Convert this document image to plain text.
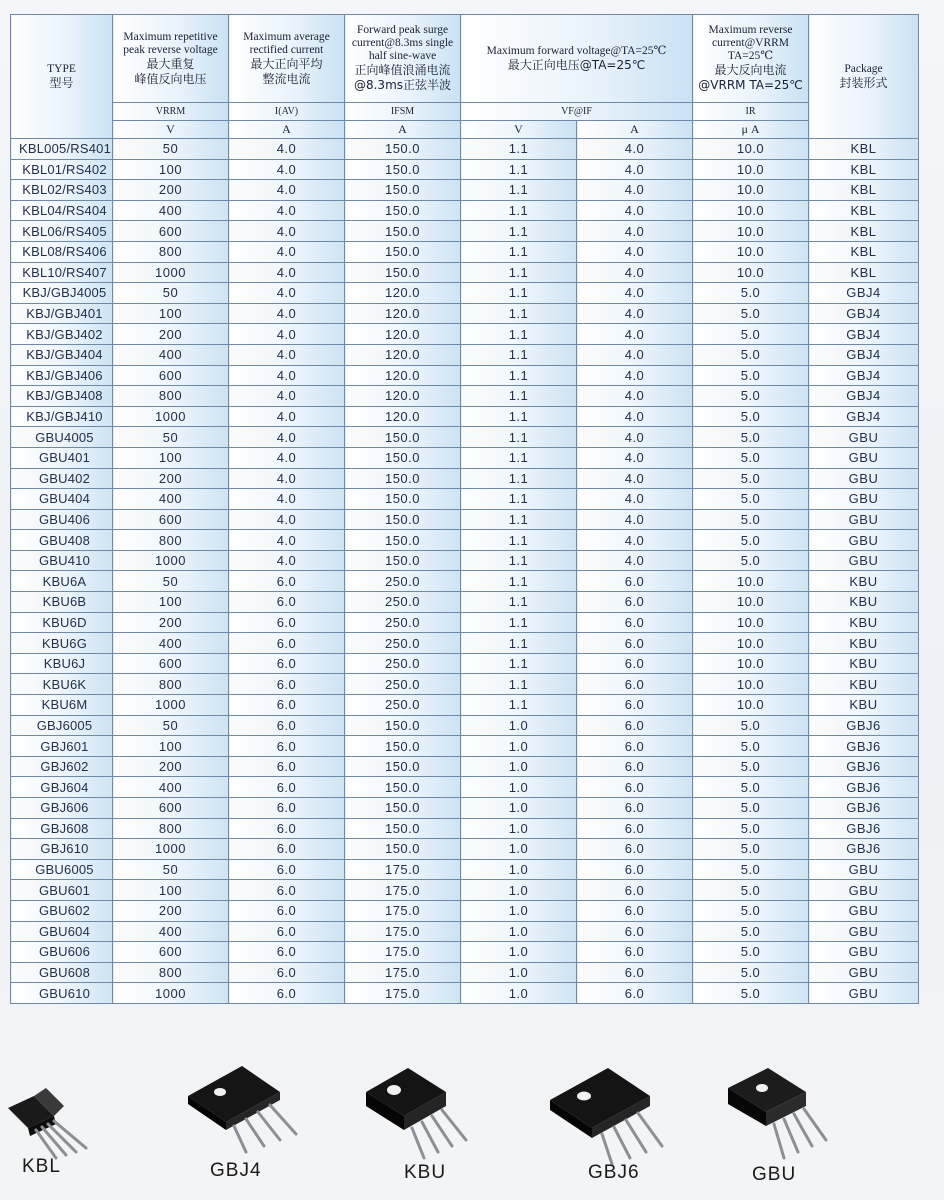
TYPE
型号	Maximum repetitive
peak reverse voltage
最大重复
峰值反向电压	Maximum average
rectified current
最大正向平均
整流电流	Forward peak surge
current@8.3ms single
half sine-wave
正向峰值浪涌电流
@8.3ms正弦半波	Maximum forward voltage@TA=25℃
最大正向电压@TA=25℃		Maximum reverse
current@VRRM
TA=25℃
最大反向电流
@VRRM TA=25℃	Package
封装形式

	VRRM	I(AV)	IFSM	VF@IF		IR	
	V	A	A	V	A	μ A	
KBL005/RS401	50	4.0	150.0	1.1	4.0	10.0	KBL
KBL01/RS402	100	4.0	150.0	1.1	4.0	10.0	KBL
KBL02/RS403	200	4.0	150.0	1.1	4.0	10.0	KBL
KBL04/RS404	400	4.0	150.0	1.1	4.0	10.0	KBL
KBL06/RS405	600	4.0	150.0	1.1	4.0	10.0	KBL
KBL08/RS406	800	4.0	150.0	1.1	4.0	10.0	KBL
KBL10/RS407	1000	4.0	150.0	1.1	4.0	10.0	KBL
KBJ/GBJ4005	50	4.0	120.0	1.1	4.0	5.0	GBJ4
KBJ/GBJ401	100	4.0	120.0	1.1	4.0	5.0	GBJ4
KBJ/GBJ402	200	4.0	120.0	1.1	4.0	5.0	GBJ4
KBJ/GBJ404	400	4.0	120.0	1.1	4.0	5.0	GBJ4
KBJ/GBJ406	600	4.0	120.0	1.1	4.0	5.0	GBJ4
KBJ/GBJ408	800	4.0	120.0	1.1	4.0	5.0	GBJ4
KBJ/GBJ410	1000	4.0	120.0	1.1	4.0	5.0	GBJ4
GBU4005	50	4.0	150.0	1.1	4.0	5.0	GBU
GBU401	100	4.0	150.0	1.1	4.0	5.0	GBU
GBU402	200	4.0	150.0	1.1	4.0	5.0	GBU
GBU404	400	4.0	150.0	1.1	4.0	5.0	GBU
GBU406	600	4.0	150.0	1.1	4.0	5.0	GBU
GBU408	800	4.0	150.0	1.1	4.0	5.0	GBU
GBU410	1000	4.0	150.0	1.1	4.0	5.0	GBU
KBU6A	50	6.0	250.0	1.1	6.0	10.0	KBU
KBU6B	100	6.0	250.0	1.1	6.0	10.0	KBU
KBU6D	200	6.0	250.0	1.1	6.0	10.0	KBU
KBU6G	400	6.0	250.0	1.1	6.0	10.0	KBU
KBU6J	600	6.0	250.0	1.1	6.0	10.0	KBU
KBU6K	800	6.0	250.0	1.1	6.0	10.0	KBU
KBU6M	1000	6.0	250.0	1.1	6.0	10.0	KBU
GBJ6005	50	6.0	150.0	1.0	6.0	5.0	GBJ6
GBJ601	100	6.0	150.0	1.0	6.0	5.0	GBJ6
GBJ602	200	6.0	150.0	1.0	6.0	5.0	GBJ6
GBJ604	400	6.0	150.0	1.0	6.0	5.0	GBJ6
GBJ606	600	6.0	150.0	1.0	6.0	5.0	GBJ6
GBJ608	800	6.0	150.0	1.0	6.0	5.0	GBJ6
GBJ610	1000	6.0	150.0	1.0	6.0	5.0	GBJ6
GBU6005	50	6.0	175.0	1.0	6.0	5.0	GBU
GBU601	100	6.0	175.0	1.0	6.0	5.0	GBU
GBU602	200	6.0	175.0	1.0	6.0	5.0	GBU
GBU604	400	6.0	175.0	1.0	6.0	5.0	GBU
GBU606	600	6.0	175.0	1.0	6.0	5.0	GBU
GBU608	800	6.0	175.0	1.0	6.0	5.0	GBU
GBU610	1000	6.0	175.0	1.0	6.0	5.0	GBU
KBL	GBJ4	KBU	GBJ6	GBU
